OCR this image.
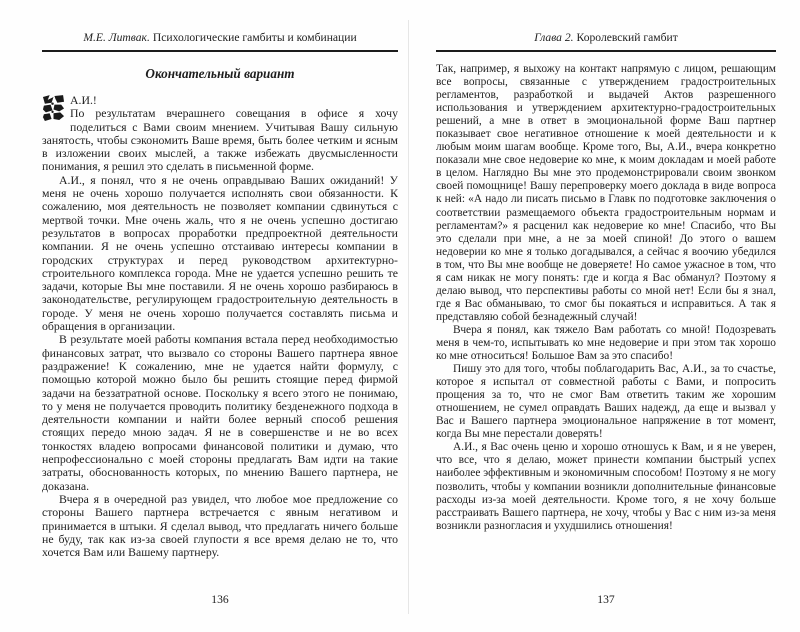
М.Е. Литвак. Психологические гамбиты и комбинации
Окончательный вариант

А.И.!
По результатам вчерашнего совещания в офисе я хочу поделиться с Вами своим мнением. Учитывая Вашу сильную занятость, чтобы сэкономить Ваше время, быть более четким и ясным в изложении своих мыслей, а также избежать двусмысленности понимания, я решил это сделать в письменной форме.

А.И., я понял, что я не очень оправдываю Ваших ожиданий! У меня не очень хорошо получается исполнять свои обязанности. К сожалению, моя деятельность не позволяет компании сдвинуться с мертвой точки. Мне очень жаль, что я не очень успешно достигаю результатов в вопросах проработки предпроектной деятельности компании. Я не очень успешно отстаиваю интересы компании в городских структурах и перед руководством архитектурно-строительного комплекса города. Мне не удается успешно решить те задачи, которые Вы мне поставили. Я не очень хорошо разбираюсь в законодательстве, регулирующем градостроительную деятельность в городе. У меня не очень хорошо получается составлять письма и обращения в организации.

В результате моей работы компания встала перед необходимостью финансовых затрат, что вызвало со стороны Вашего партнера явное раздражение! К сожалению, мне не удается найти формулу, с помощью которой можно было бы решить стоящие перед фирмой задачи на беззатратной основе. Поскольку я всего этого не понимаю, то у меня не получается проводить политику безденежного подхода в деятельности компании и найти более верный способ решения стоящих передо мною задач. Я не в совершенстве и не во всех тонкостях владею вопросами финансовой политики и думаю, что непрофессионально с моей стороны предлагать Вам идти на такие затраты, обоснованность которых, по мнению Вашего партнера, не доказана.

Вчера я в очередной раз увидел, что любое мое предложение со стороны Вашего партнера встречается с явным негативом и принимается в штыки. Я сделал вывод, что предлагать ничего больше не буду, так как из-за своей глупости я все время делаю не то, что хочется Вам или Вашему партнеру.

136
Глава 2. Королевский гамбит

Так, например, я выхожу на контакт напрямую с лицом, решающим все вопросы, связанные с утверждением градостроительных регламентов, разработкой и выдачей Актов разрешенного использования и утверждением архитектурно-градостроительных решений, а мне в ответ в эмоциональной форме Ваш партнер показывает свое негативное отношение к моей деятельности и к любым моим шагам вообще. Кроме того, Вы, А.И., вчера конкретно показали мне свое недоверие ко мне, к моим докладам и моей работе в целом. Наглядно Вы мне это продемонстрировали своим звонком своей помощнице! Вашу перепроверку моего доклада в виде вопроса к ней: «А надо ли писать письмо в Главк по подготовке заключения о соответствии размещаемого объекта градостроительным нормам и регламентам?» я расценил как недоверие ко мне! Спасибо, что Вы это сделали при мне, а не за моей спиной! До этого о вашем недоверии ко мне я только догадывался, а сейчас я воочию убедился в том, что Вы мне вообще не доверяете! Но самое ужасное в том, что я сам никак не могу понять: где и когда я Вас обманул? Поэтому я делаю вывод, что перспективы работы со мной нет! Если бы я знал, где я Вас обманываю, то смог бы покаяться и исправиться. А так я представляю собой безнадежный случай!

Вчера я понял, как тяжело Вам работать со мной! Подозревать меня в чем-то, испытывать ко мне недоверие и при этом так хорошо ко мне относиться! Большое Вам за это спасибо!

Пишу это для того, чтобы поблагодарить Вас, А.И., за то счастье, которое я испытал от совместной работы с Вами, и попросить прощения за то, что не смог Вам ответить таким же хорошим отношением, не сумел оправдать Ваших надежд, да еще и вызвал у Вас и Вашего партнера эмоциональное напряжение в тот момент, когда Вы мне перестали доверять!

А.И., я Вас очень ценю и хорошо отношусь к Вам, и я не уверен, что все, что я делаю, может принести компании быстрый успех наиболее эффективным и экономичным способом! Поэтому я не могу позволить, чтобы у компании возникли дополнительные финансовые расходы из-за моей деятельности. Кроме того, я не хочу больше расстраивать Вашего партнера, не хочу, чтобы у Вас с ним из-за меня возникли разногласия и ухудшились отношения!

137
